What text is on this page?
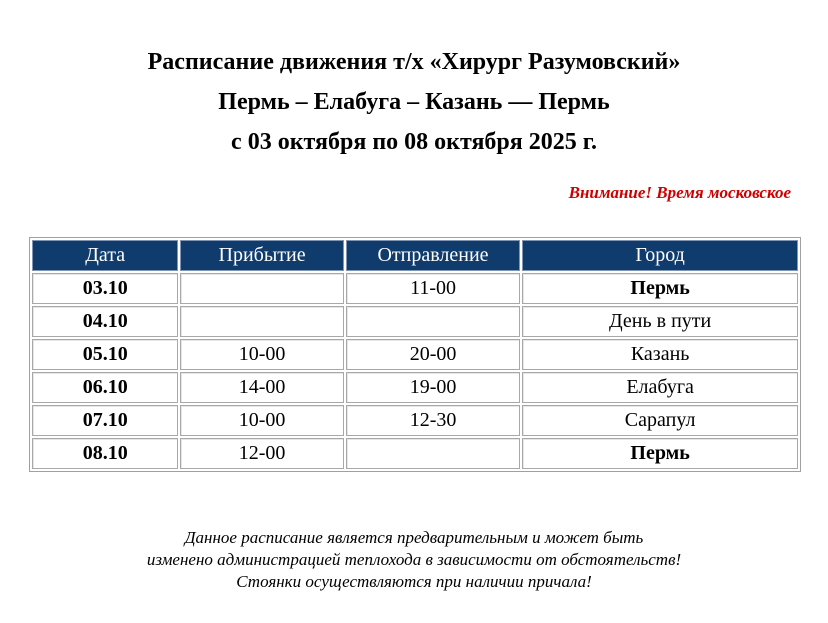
Расписание движения т/х «Хирург Разумовский»

Пермь – Елабуга – Казань — Пермь

с 03 октября по 08 октября 2025 г.

Внимание! Время московское
Дата	Прибытие	Отправление	Город
03.10		11-00	Пермь
04.10			День в пути
05.10	10-00	20-00	Казань
06.10	14-00	19-00	Елабуга
07.10	10-00	12-30	Сарапул
08.10	12-00		Пермь

Данное расписание является предварительным и может быть

изменено администрацией теплохода в зависимости от обстоятельств!

Стоянки осуществляются при наличии причала!
